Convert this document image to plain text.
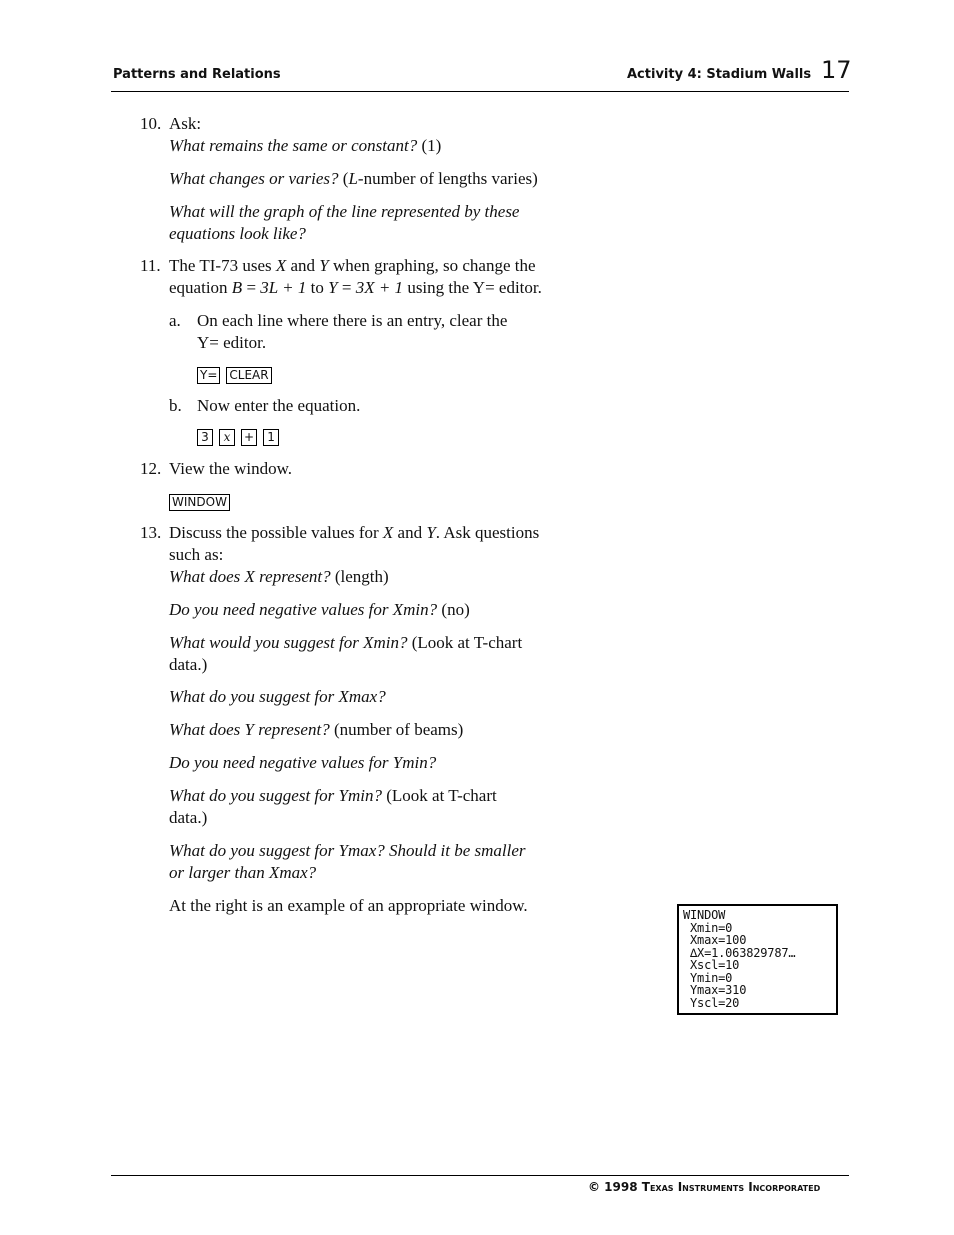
Patterns and Relations	Activity 4: Stadium Walls 17
10. Ask:

What remains the same or constant? (1)

What changes or varies? (L-number of lengths varies)

What will the graph of the line represented by these

equations look like?

11. The TI-73 uses X and Y when graphing, so change the

equation B = 3L + 1 to Y = 3X + 1 using the Y= editor.

a. On each line where there is an entry, clear the
Y= editor.
Y= CLEAR
b. Now enter the equation.
3	x	+	1
12. View the window.

WINDOW
13. Discuss the possible values for X and Y. Ask questions

such as:

What does X represent? (length)

Do you need negative values for Xmin? (no)

What would you suggest for Xmin? (Look at T-chart

data.)

What do you suggest for Xmax?

What does Y represent? (number of beams)

Do you need negative values for Ymin?

What do you suggest for Ymin? (Look at T-chart

data.)

What do you suggest for Ymax? Should it be smaller

or larger than Xmax?

At the right is an example of an appropriate window.	WINDOW
Xmin=0
Xmax=100
∆X=1.063829787…
Xscl=10
Ymin=0
Ymax=310
Yscl=20
© 1998 Texas Instruments Incorporated
